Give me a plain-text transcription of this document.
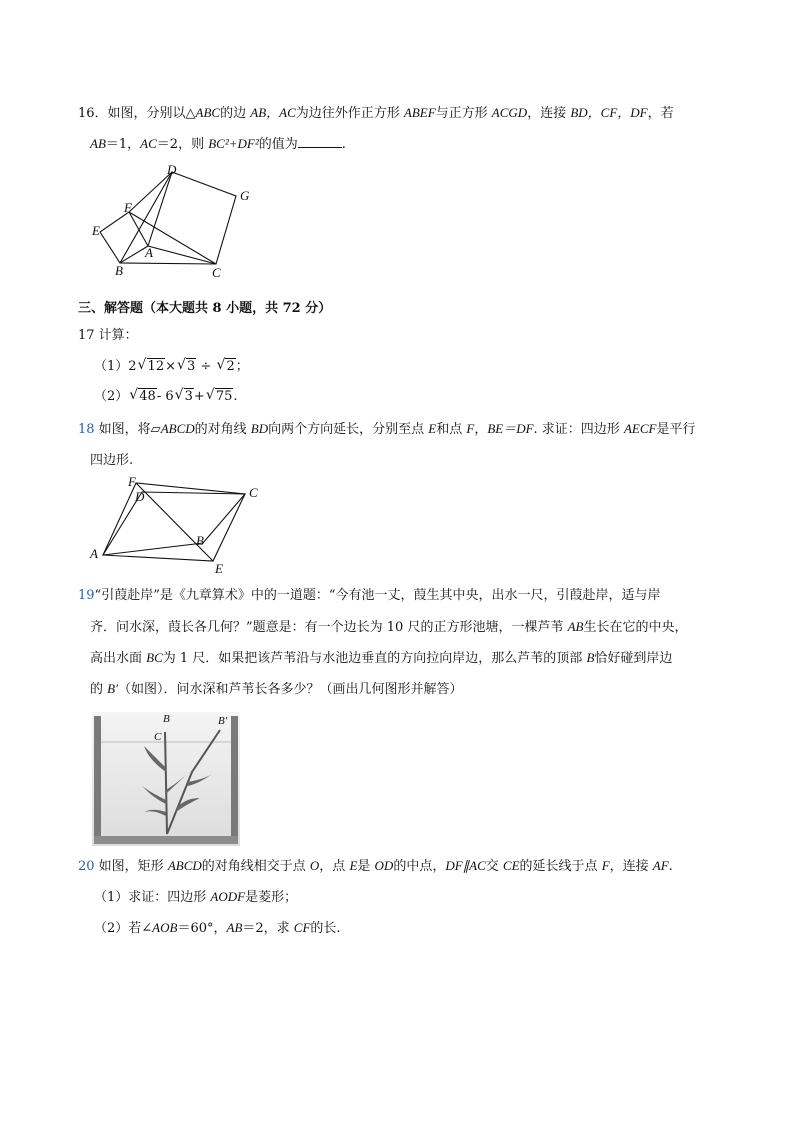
16．如图，分别以△ABC的边 AB，AC为边往外作正方形 ABEF与正方形 ACGD，连接 BD，CF，DF，若
AB＝1，AC＝2，则 BC²+DF²的值为	.
D
G
F
E
A
B	C
三、解答题（本大题共 8 小题，共 72 分）
17 计算：
（1）2 √ 12× √ 3 ÷ √ 2；
（2） √ 48- 6 √ 3+ √ 75.
18 如图，将▱ABCD的对角线 BD向两个方向延长，分别至点 E和点 F，BE＝DF. 求证：四边形 AECF是平行
四边形.
F
D	C
A
B
E
19“引葭赴岸”是《九章算术》中的一道题：“今有池一丈，葭生其中央，出水一尺，引葭赴岸，适与岸
齐．问水深，葭长各几何？”题意是：有一个边长为 10 尺的正方形池塘，一棵芦苇 AB生长在它的中央，
高出水面 BC为 1 尺．如果把该芦苇沿与水池边垂直的方向拉向岸边，那么芦苇的顶部 B恰好碰到岸边
的 B′（如图）．问水深和芦苇长各多少？（画出几何图形并解答）
B
C
B′
20 如图，矩形 ABCD的对角线相交于点 O，点 E是 OD的中点，DF∥AC交 CE的延长线于点 F，连接 AF.
（1）求证：四边形 AODF是菱形；
（2）若∠AOB＝60°，AB＝2，求 CF的长.
